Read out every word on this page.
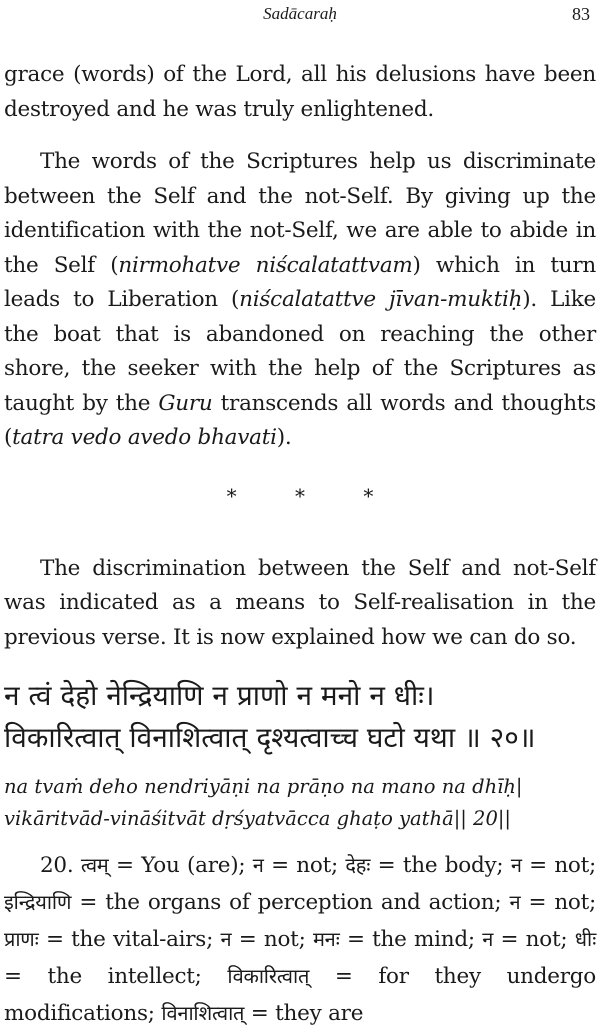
Sadācaraḥ	83

grace (words) of the Lord, all his delusions have been destroyed and he was truly enlightened.

The words of the Scriptures help us discriminate between the Self and the not-Self. By giving up the identification with the not-Self, we are able to abide in the Self (nirmohatve niścalatattvam) which in turn leads to Liberation (niścalatattve jīvan-muktiḥ). Like the boat that is abandoned on reaching the other shore, the seeker with the help of the Scriptures as taught by the Guru transcends all words and thoughts (tatra vedo avedo bhavati).

* * *

The discrimination between the Self and not-Self was indicated as a means to Self-realisation in the previous verse. It is now explained how we can do so.

न त्वं देहो नेन्द्रियाणि न प्राणो न मनो न धीः।
विकारित्वात् विनाशित्वात् दृश्यत्वाच्च घटो यथा ॥ २०॥
na tvaṁ deho nendriyāṇi na prāṇo na mano na dhīḥ|
vikāritvād-vināśitvāt dṛśyatvācca ghaṭo yathā|| 20||

20. त्वम् = You (are); न = not; देहः = the body; न = not; इन्द्रियाणि = the organs of perception and action; न = not; प्राणः = the vital-airs; न = not; मनः = the mind; न = not; धीः = the intellect; विकारित्वात् = for they undergo modifications; विनाशित्वात् = they are
